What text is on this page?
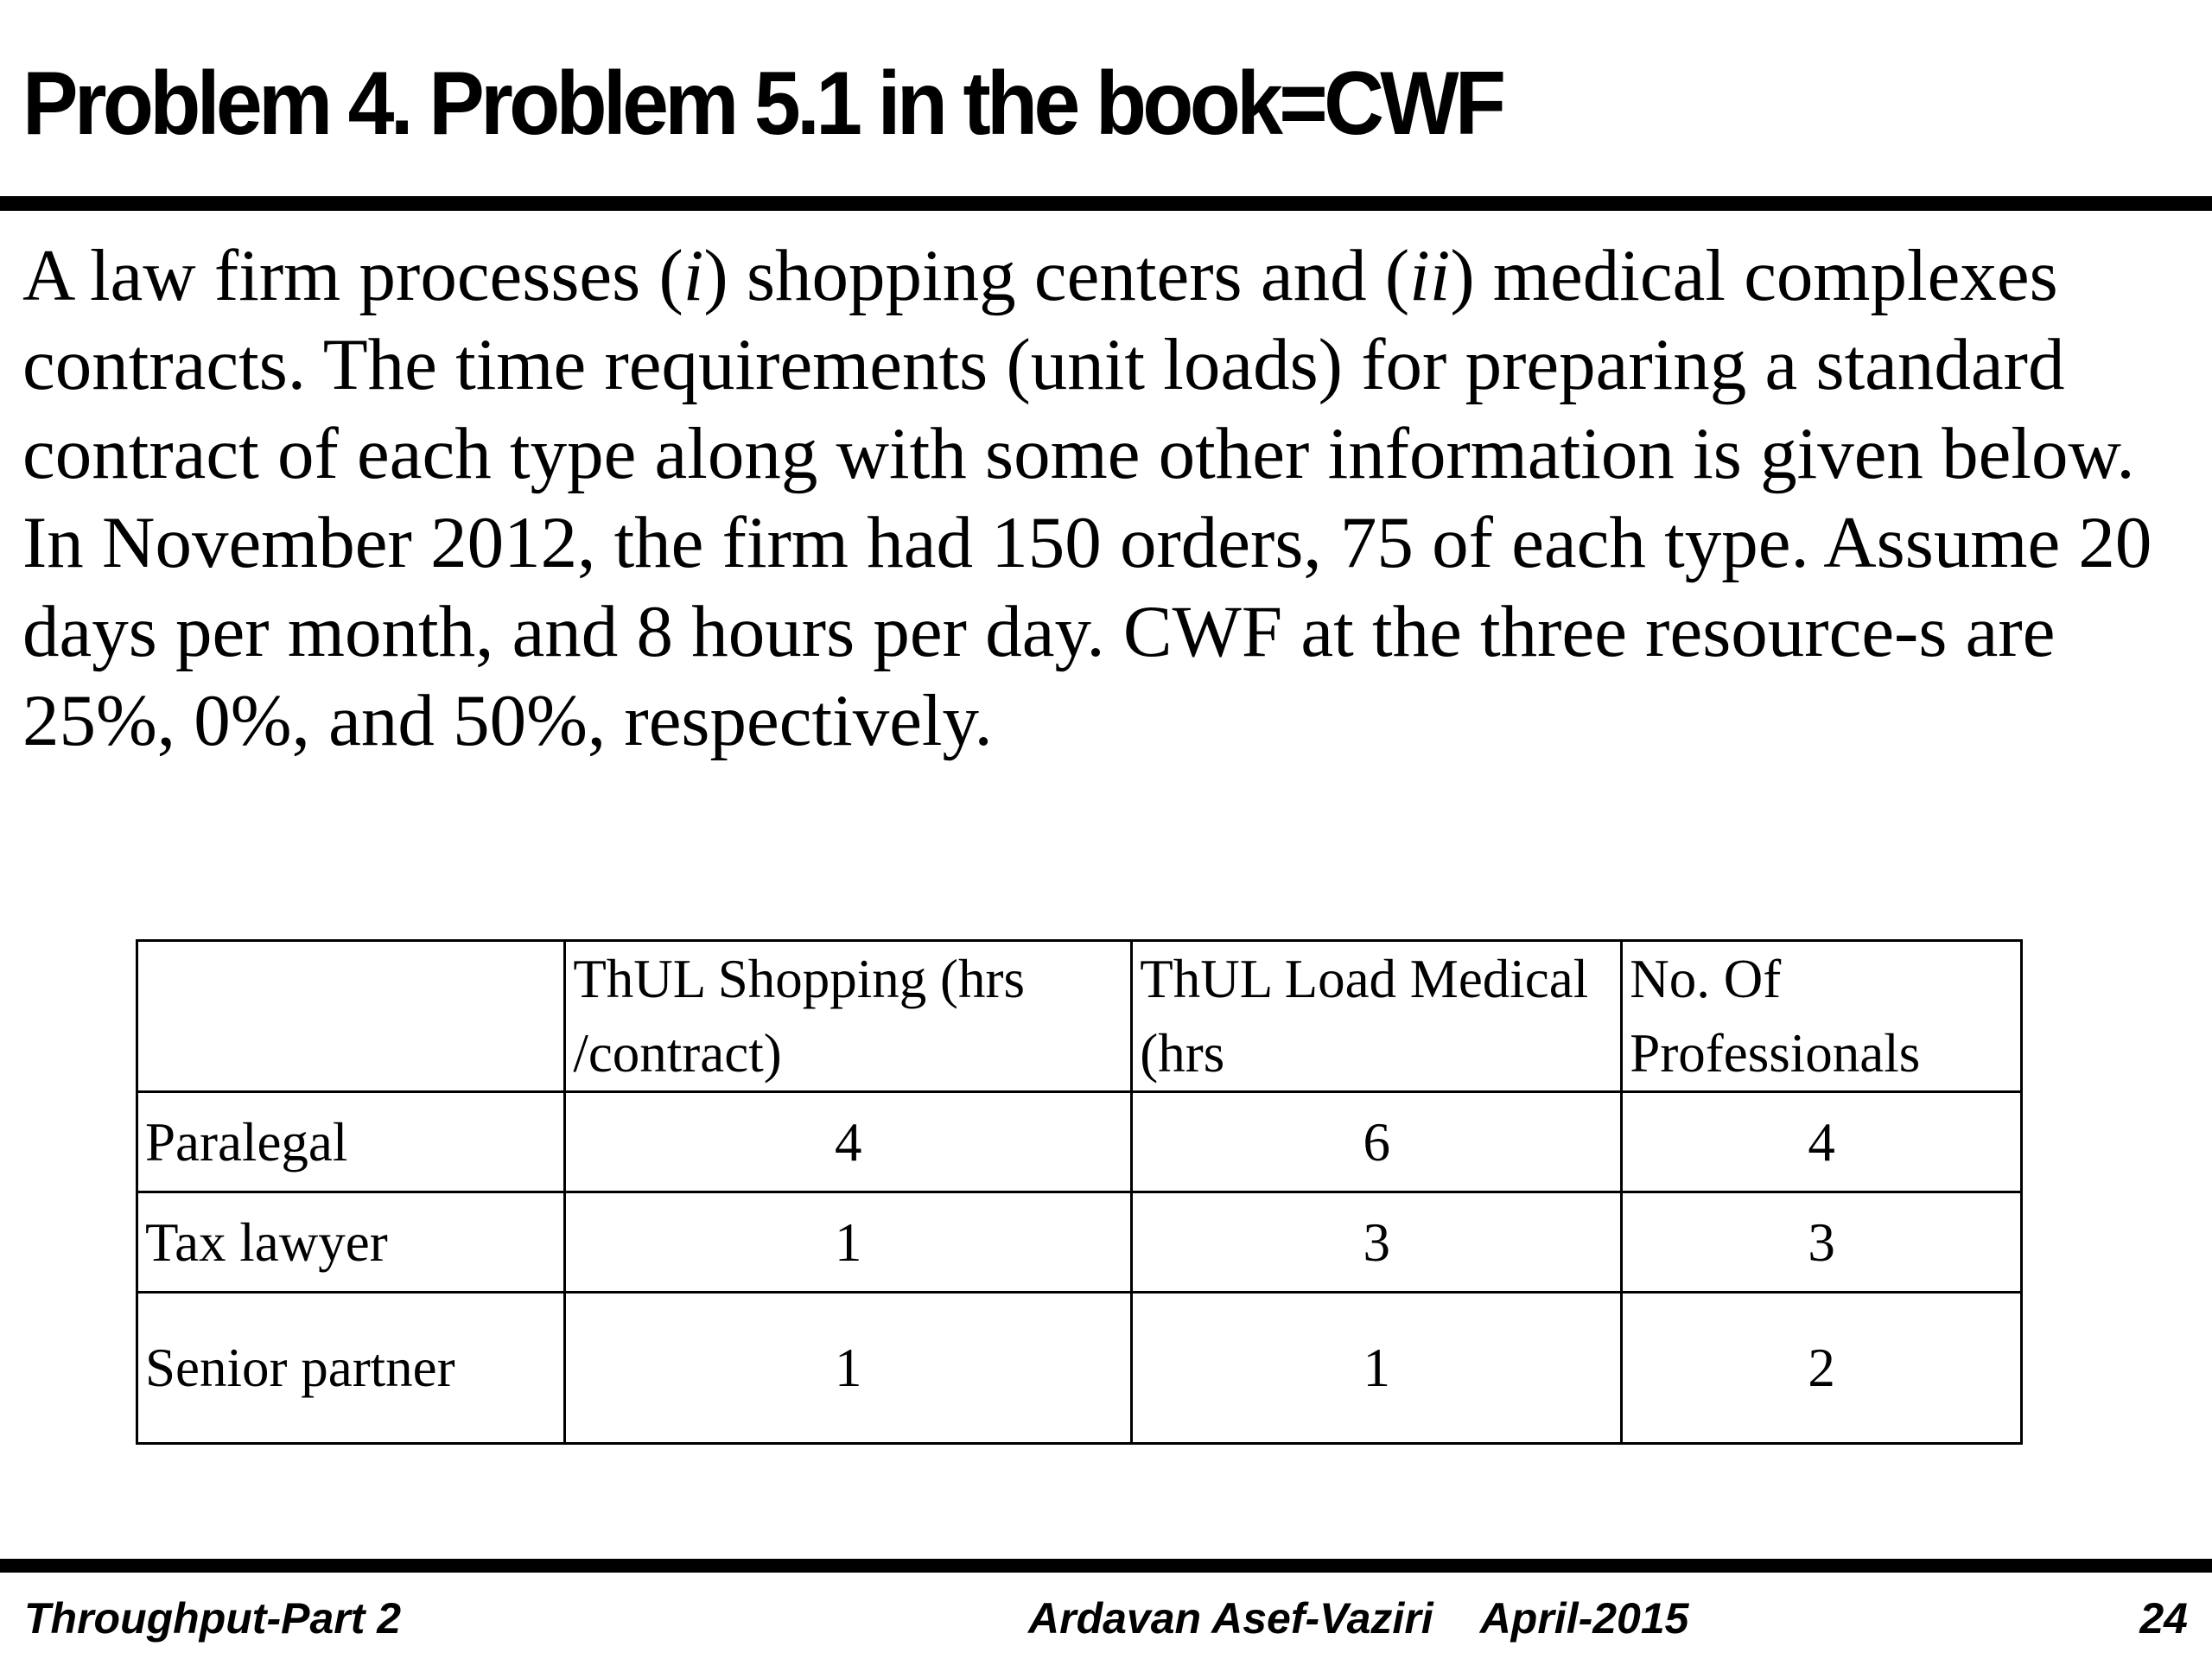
Problem 4. Problem 5.1 in the book=CWF

A law firm processes (i) shopping centers and (ii) medical complexes contracts. The time requirements (unit loads) for preparing a standard contract of each type along with some other information is given below. In November 2012, the firm had 150 orders, 75 of each type. Assume 20 days per month, and 8 hours per day. CWF at the three resource-s are 25%, 0%, and 50%, respectively.

	ThUL Shopping (hrs /contract)	ThUL Load Medical (hrs	No. Of Professionals
Paralegal	4	6	4
Tax lawyer	1	3	3
Senior partner	1	1	2
Throughput-Part 2	Ardavan Asef-Vaziri April-2015	24
